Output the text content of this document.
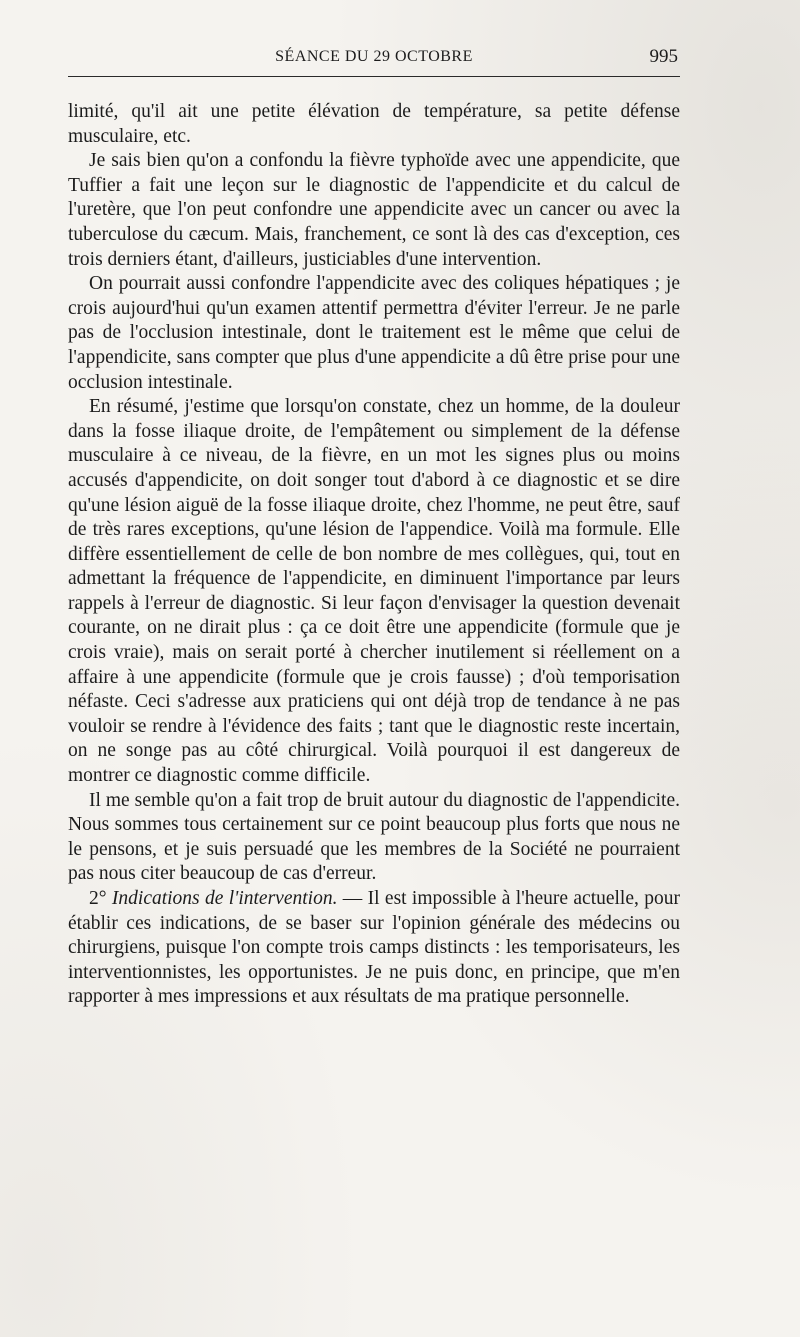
SÉANCE DU 29 OCTOBRE	995

limité, qu'il ait une petite élévation de température, sa petite défense musculaire, etc.

Je sais bien qu'on a confondu la fièvre typhoïde avec une appendicite, que Tuffier a fait une leçon sur le diagnostic de l'appendicite et du calcul de l'uretère, que l'on peut confondre une appendicite avec un cancer ou avec la tuberculose du cæcum. Mais, franchement, ce sont là des cas d'exception, ces trois derniers étant, d'ailleurs, justiciables d'une intervention.

On pourrait aussi confondre l'appendicite avec des coliques hépatiques ; je crois aujourd'hui qu'un examen attentif permettra d'éviter l'erreur. Je ne parle pas de l'occlusion intestinale, dont le traitement est le même que celui de l'appendicite, sans compter que plus d'une appendicite a dû être prise pour une occlusion intestinale.

En résumé, j'estime que lorsqu'on constate, chez un homme, de la douleur dans la fosse iliaque droite, de l'empâtement ou simplement de la défense musculaire à ce niveau, de la fièvre, en un mot les signes plus ou moins accusés d'appendicite, on doit songer tout d'abord à ce diagnostic et se dire qu'une lésion aiguë de la fosse iliaque droite, chez l'homme, ne peut être, sauf de très rares exceptions, qu'une lésion de l'appendice. Voilà ma formule. Elle diffère essentiellement de celle de bon nombre de mes collègues, qui, tout en admettant la fréquence de l'appendicite, en diminuent l'importance par leurs rappels à l'erreur de diagnostic. Si leur façon d'envisager la question devenait courante, on ne dirait plus : ça ce doit être une appendicite (formule que je crois vraie), mais on serait porté à chercher inutilement si réellement on a affaire à une appendicite (formule que je crois fausse) ; d'où temporisation néfaste. Ceci s'adresse aux praticiens qui ont déjà trop de tendance à ne pas vouloir se rendre à l'évidence des faits ; tant que le diagnostic reste incertain, on ne songe pas au côté chirurgical. Voilà pourquoi il est dangereux de montrer ce diagnostic comme difficile.

Il me semble qu'on a fait trop de bruit autour du diagnostic de l'appendicite. Nous sommes tous certainement sur ce point beaucoup plus forts que nous ne le pensons, et je suis persuadé que les membres de la Société ne pourraient pas nous citer beaucoup de cas d'erreur.

2° Indications de l'intervention. — Il est impossible à l'heure actuelle, pour établir ces indications, de se baser sur l'opinion générale des médecins ou chirurgiens, puisque l'on compte trois camps distincts : les temporisateurs, les interventionnistes, les opportunistes. Je ne puis donc, en principe, que m'en rapporter à mes impressions et aux résultats de ma pratique personnelle.
